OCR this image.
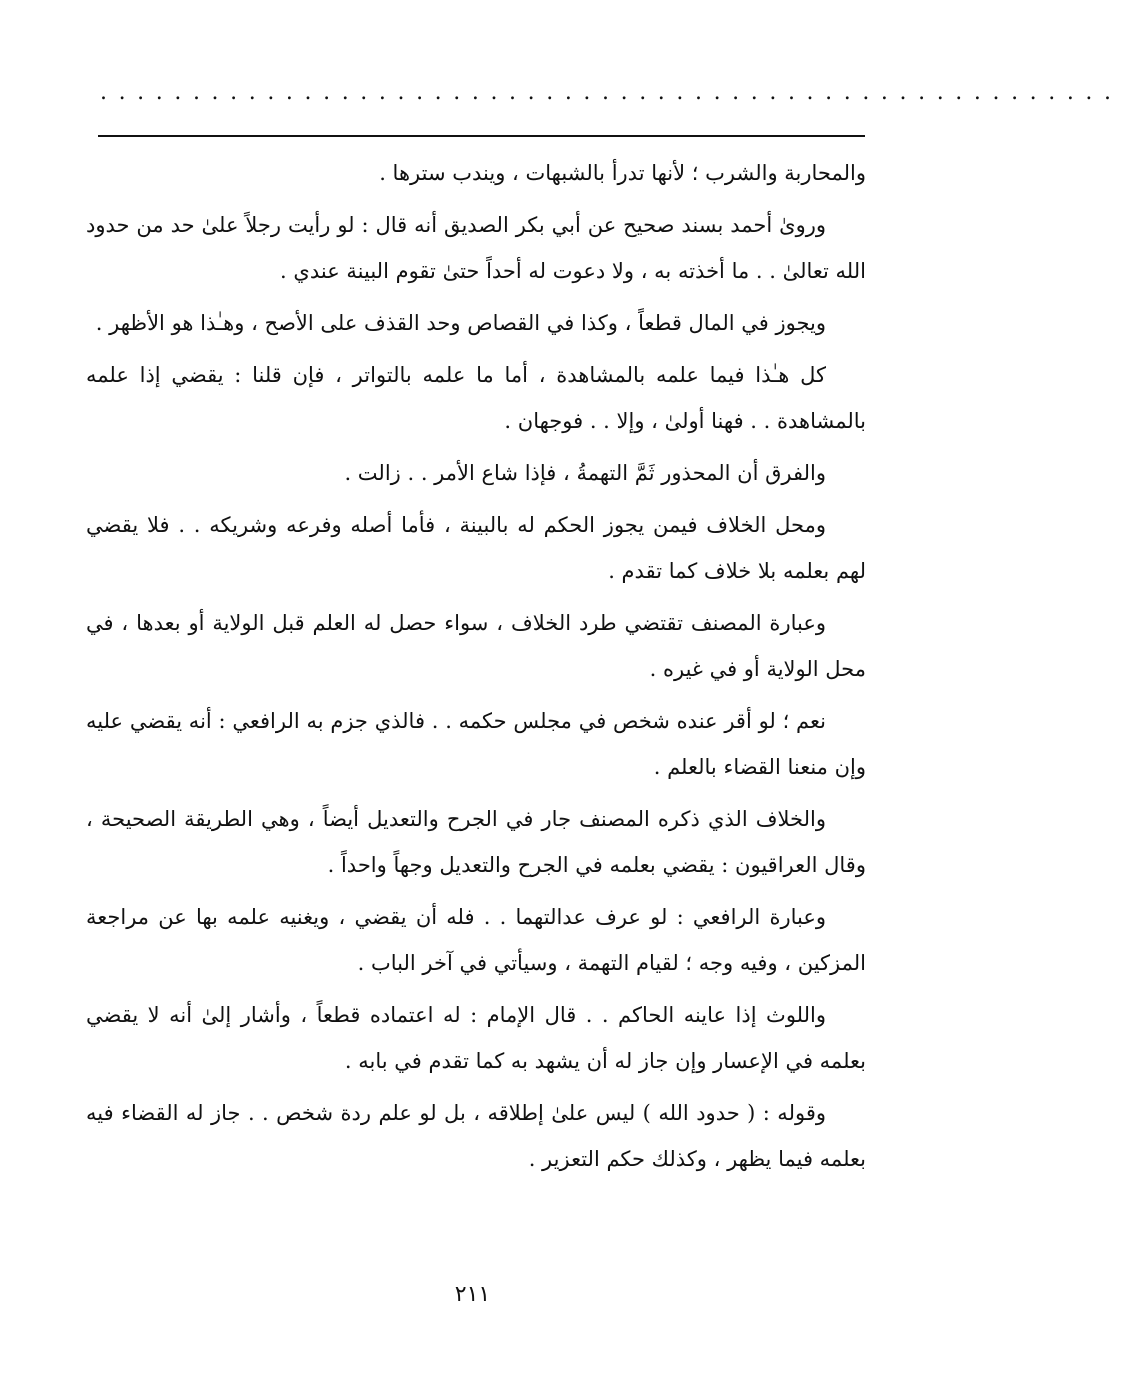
.......................................................

والمحاربة والشرب ؛ لأنها تدرأ بالشبهات ، ويندب سترها .

وروىٰ أحمد بسند صحيح عن أبي بكر الصديق أنه قال : لو رأيت رجلاً علىٰ حد من حدود الله تعالىٰ . . ما أخذته به ، ولا دعوت له أحداً حتىٰ تقوم البينة عندي .

ويجوز في المال قطعاً ، وكذا في القصاص وحد القذف على الأصح ، وهـٰذا هو الأظهر .

كل هـٰذا فيما علمه بالمشاهدة ، أما ما علمه بالتواتر ، فإن قلنا : يقضي إذا علمه بالمشاهدة . . فهنا أولىٰ ، وإلا . . فوجهان .

والفرق أن المحذور ثَمَّ التهمةُ ، فإذا شاع الأمر . . زالت .

ومحل الخلاف فيمن يجوز الحكم له بالبينة ، فأما أصله وفرعه وشريكه . . فلا يقضي لهم بعلمه بلا خلاف كما تقدم .

وعبارة المصنف تقتضي طرد الخلاف ، سواء حصل له العلم قبل الولاية أو بعدها ، في محل الولاية أو في غيره .

نعم ؛ لو أقر عنده شخص في مجلس حكمه . . فالذي جزم به الرافعي : أنه يقضي عليه وإن منعنا القضاء بالعلم .

والخلاف الذي ذكره المصنف جار في الجرح والتعديل أيضاً ، وهي الطريقة الصحيحة ، وقال العراقيون : يقضي بعلمه في الجرح والتعديل وجهاً واحداً .

وعبارة الرافعي : لو عرف عدالتهما . . فله أن يقضي ، ويغنيه علمه بها عن مراجعة المزكين ، وفيه وجه ؛ لقيام التهمة ، وسيأتي في آخر الباب .

واللوث إذا عاينه الحاكم . . قال الإمام : له اعتماده قطعاً ، وأشار إلىٰ أنه لا يقضي بعلمه في الإعسار وإن جاز له أن يشهد به كما تقدم في بابه .

وقوله : ( حدود الله ) ليس علىٰ إطلاقه ، بل لو علم ردة شخص . . جاز له القضاء فيه بعلمه فيما يظهر ، وكذلك حكم التعزير .

٢١١
